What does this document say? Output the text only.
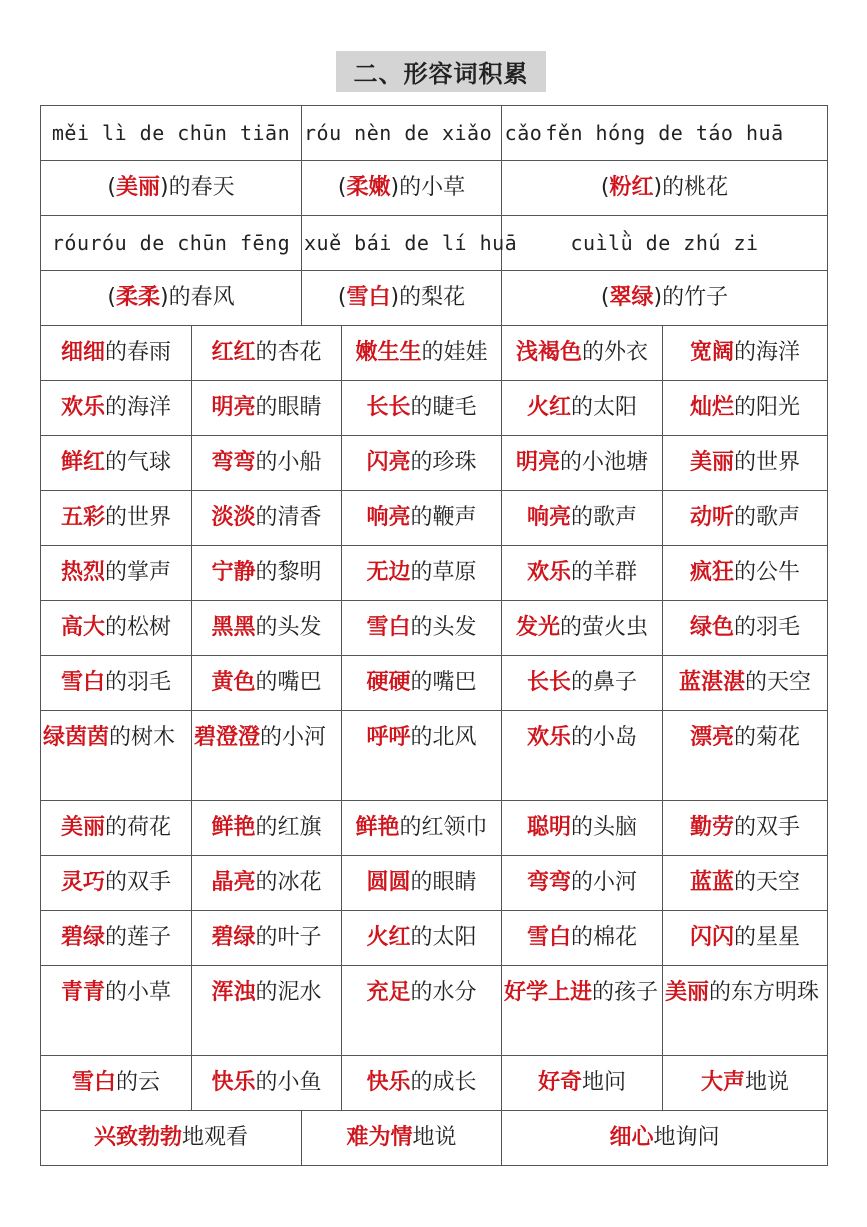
二、形容词积累
měi lì de chūn tiān		róu nèn de xiǎo cǎo		fěn hóng de táo huā	
(美丽)的春天		(柔嫩)的小草		(粉红)的桃花	
róuróu de chūn fēng		xuě bái de lí huā		cuìlǜ de zhú zi	
(柔柔)的春风		(雪白)的梨花		(翠绿)的竹子	
细细的春雨	红红的杏花		嫩生生的娃娃	浅褐色的外衣	宽阔的海洋
欢乐的海洋	明亮的眼睛		长长的睫毛	火红的太阳	灿烂的阳光
鲜红的气球	弯弯的小船		闪亮的珍珠	明亮的小池塘	美丽的世界
五彩的世界	淡淡的清香		响亮的鞭声	响亮的歌声	动听的歌声
热烈的掌声	宁静的黎明		无边的草原	欢乐的羊群	疯狂的公牛
高大的松树	黑黑的头发		雪白的头发	发光的萤火虫	绿色的羽毛
雪白的羽毛	黄色的嘴巴		硬硬的嘴巴	长长的鼻子	蓝湛湛的天空
绿茵茵的树木	碧澄澄的小河		呼呼的北风	欢乐的小岛	漂亮的菊花
美丽的荷花	鲜艳的红旗		鲜艳的红领巾	聪明的头脑	勤劳的双手
灵巧的双手	晶亮的冰花		圆圆的眼睛	弯弯的小河	蓝蓝的天空
碧绿的莲子	碧绿的叶子		火红的太阳	雪白的棉花	闪闪的星星
青青的小草	浑浊的泥水		充足的水分	好学上进的孩子	美丽的东方明珠
雪白的云	快乐的小鱼		快乐的成长	好奇地问	大声地说
兴致勃勃地观看		难为情地说		细心地询问	
